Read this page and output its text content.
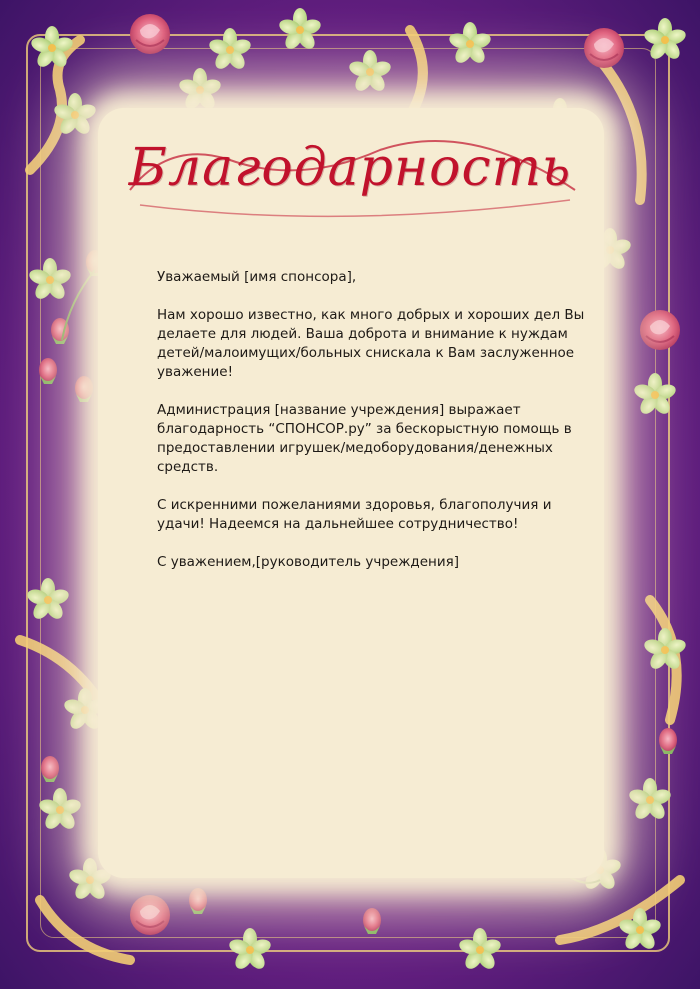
Благодарность

Уважаемый [имя спонсора],

Нам хорошо известно, как много добрых и хороших дел Вы делаете для людей. Ваша доброта и внимание к нуждам детей/малоимущих/больных снискала к Вам заслуженное уважение!

Администрация [название учреждения] выражает благодарность “СПОНСОР.ру” за бескорыстную помощь в предоставлении игрушек/медоборудования/денежных средств.

С искренними пожеланиями здоровья, благополучия и удачи! Надеемся на дальнейшее сотрудничество!

С уважением,[руководитель учреждения]
